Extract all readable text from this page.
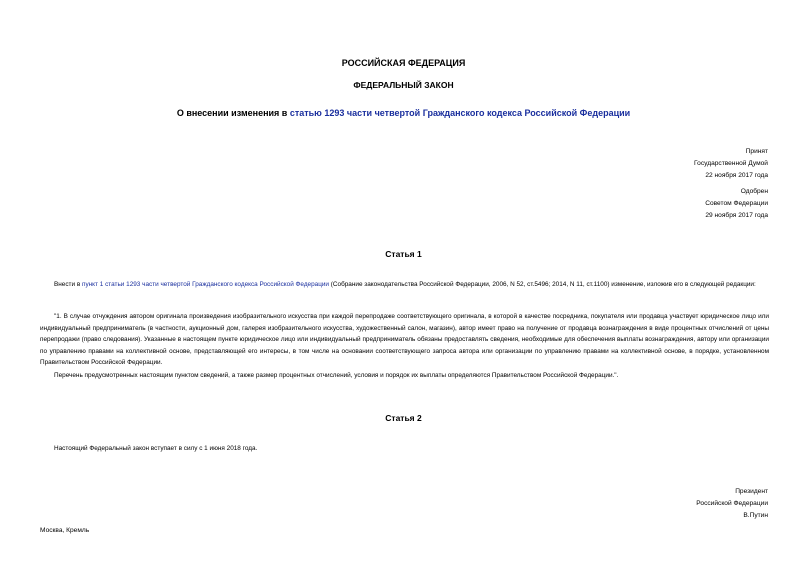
РОССИЙСКАЯ ФЕДЕРАЦИЯ
ФЕДЕРАЛЬНЫЙ ЗАКОН
О внесении изменения в статью 1293 части четвертой Гражданского кодекса Российской Федерации
Принят
Государственной Думой
22 ноября 2017 года
Одобрен
Советом Федерации
29 ноября 2017 года
Статья 1
Внести в пункт 1 статьи 1293 части четвертой Гражданского кодекса Российской Федерации (Собрание законодательства Российской Федерации, 2006, N 52, ст.5496; 2014, N 11, ст.1100) изменение, изложив его в следующей редакции:
"1. В случае отчуждения автором оригинала произведения изобразительного искусства при каждой перепродаже соответствующего оригинала, в которой в качестве посредника, покупателя или продавца участвует юридическое лицо или индивидуальный предприниматель (в частности, аукционный дом, галерея изобразительного искусства, художественный салон, магазин), автор имеет право на получение от продавца вознаграждения в виде процентных отчислений от цены перепродажи (право следования). Указанные в настоящем пункте юридическое лицо или индивидуальный предприниматель обязаны предоставлять сведения, необходимые для обеспечения выплаты вознаграждения, автору или организации по управлению правами на коллективной основе, представляющей его интересы, в том числе на основании соответствующего запроса автора или организации по управлению правами на коллективной основе, в порядке, установленном Правительством Российской Федерации.
Перечень предусмотренных настоящим пунктом сведений, а также размер процентных отчислений, условия и порядок их выплаты определяются Правительством Российской Федерации.".
Статья 2
Настоящий Федеральный закон вступает в силу с 1 июня 2018 года.
Президент
Российской Федерации
В.Путин
Москва, Кремль
